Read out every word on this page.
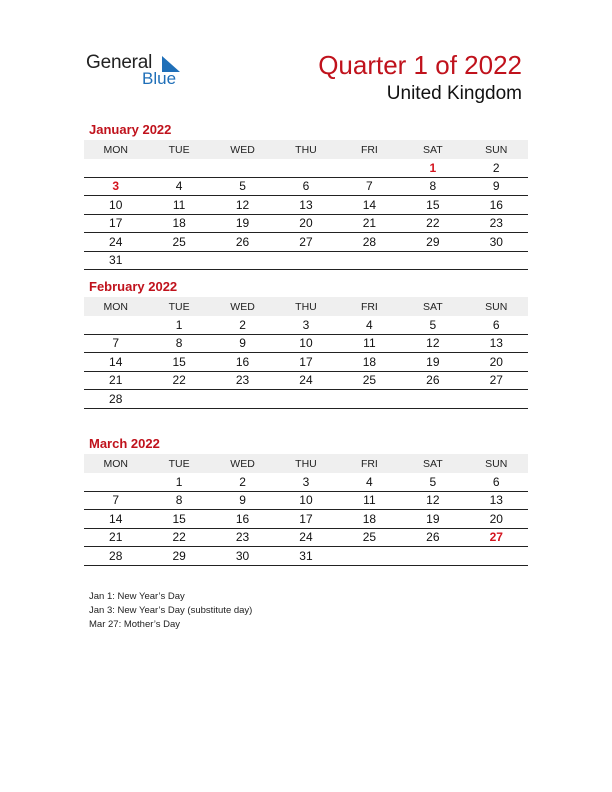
General
Blue	Quarter 1 of 2022
United Kingdom
January 2022
MON	TUE	WED	THU	FRI	SAT	SUN
					1	2
3	4	5	6	7	8	9
10	11	12	13	14	15	16
17	18	19	20	21	22	23
24	25	26	27	28	29	30
31						
February 2022
MON	TUE	WED	THU	FRI	SAT	SUN
	1	2	3	4	5	6
7	8	9	10	11	12	13
14	15	16	17	18	19	20
21	22	23	24	25	26	27
28						
March 2022
MON	TUE	WED	THU	FRI	SAT	SUN
	1	2	3	4	5	6
7	8	9	10	11	12	13
14	15	16	17	18	19	20
21	22	23	24	25	26	27
28	29	30	31			
Jan 1: New Year’s Day
Jan 3: New Year’s Day (substitute day)
Mar 27: Mother’s Day
